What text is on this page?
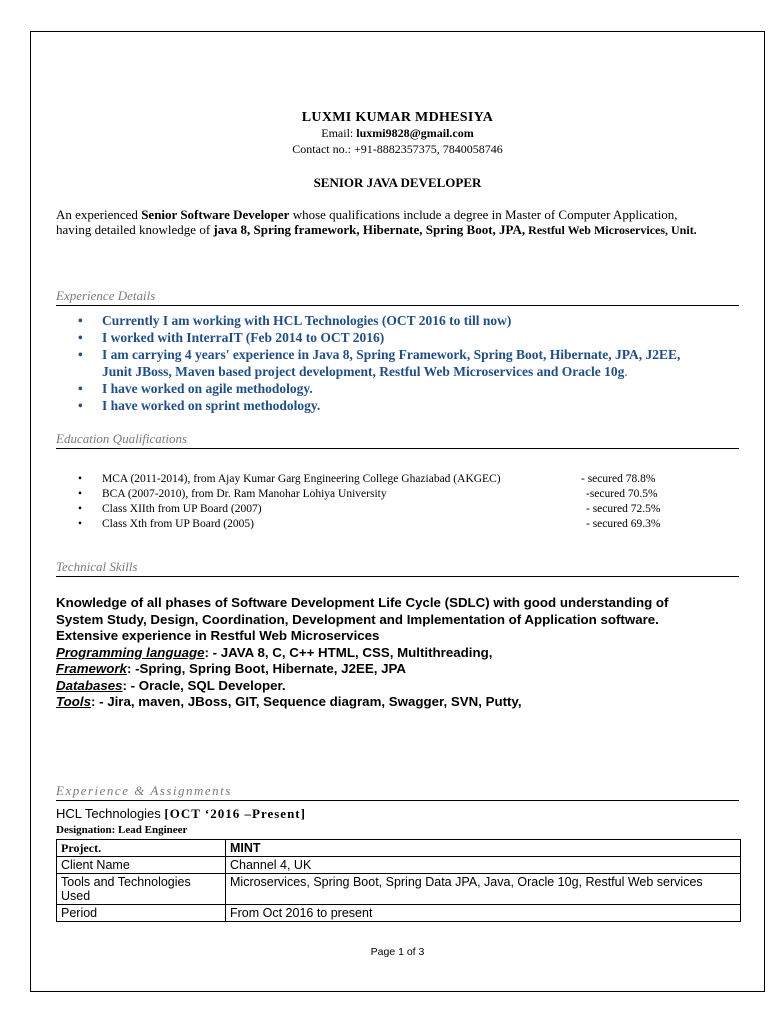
LUXMI KUMAR MDHESIYA
Email: luxmi9828@gmail.com
Contact no.: +91-8882357375, 7840058746
SENIOR JAVA DEVELOPER
An experienced Senior Software Developer whose qualifications include a degree in Master of Computer Application, having detailed knowledge of java 8, Spring framework, Hibernate, Spring Boot, JPA, Restful Web Microservices, Unit.
Experience Details
• Currently I am working with HCL Technologies (OCT 2016 to till now)
• I worked with InterraIT (Feb 2014 to OCT 2016)
• I am carrying 4 years' experience in Java 8, Spring Framework, Spring Boot, Hibernate, JPA, J2EE,
Junit JBoss, Maven based project development, Restful Web Microservices and Oracle 10g.
• I have worked on agile methodology.
• I have worked on sprint methodology.
Education Qualifications
• MCA (2011-2014), from Ajay Kumar Garg Engineering College Ghaziabad (AKGEC)	- secured 78.8%
• BCA (2007-2010), from Dr. Ram Manohar Lohiya University	-secured 70.5%
• Class XIIth from UP Board (2007)	- secured 72.5%
• Class Xth from UP Board (2005)	- secured 69.3%
Technical Skills
Knowledge of all phases of Software Development Life Cycle (SDLC) with good understanding of
System Study, Design, Coordination, Development and Implementation of Application software.
Extensive experience in Restful Web Microservices
Programming language: - JAVA 8, C, C++ HTML, CSS, Multithreading,
Framework: -Spring, Spring Boot, Hibernate, J2EE, JPA
Databases: - Oracle, SQL Developer.
Tools: - Jira, maven, JBoss, GIT, Sequence diagram, Swagger, SVN, Putty,
Experience & Assignments
HCL Technologies [OCT ‘2016 –Present]
Designation: Lead Engineer
Project.	MINT
Client Name	Channel 4, UK
Tools and Technologies Used	Microservices, Spring Boot, Spring Data JPA, Java, Oracle 10g, Restful Web services
Period	From Oct 2016 to present
Page 1 of 3
